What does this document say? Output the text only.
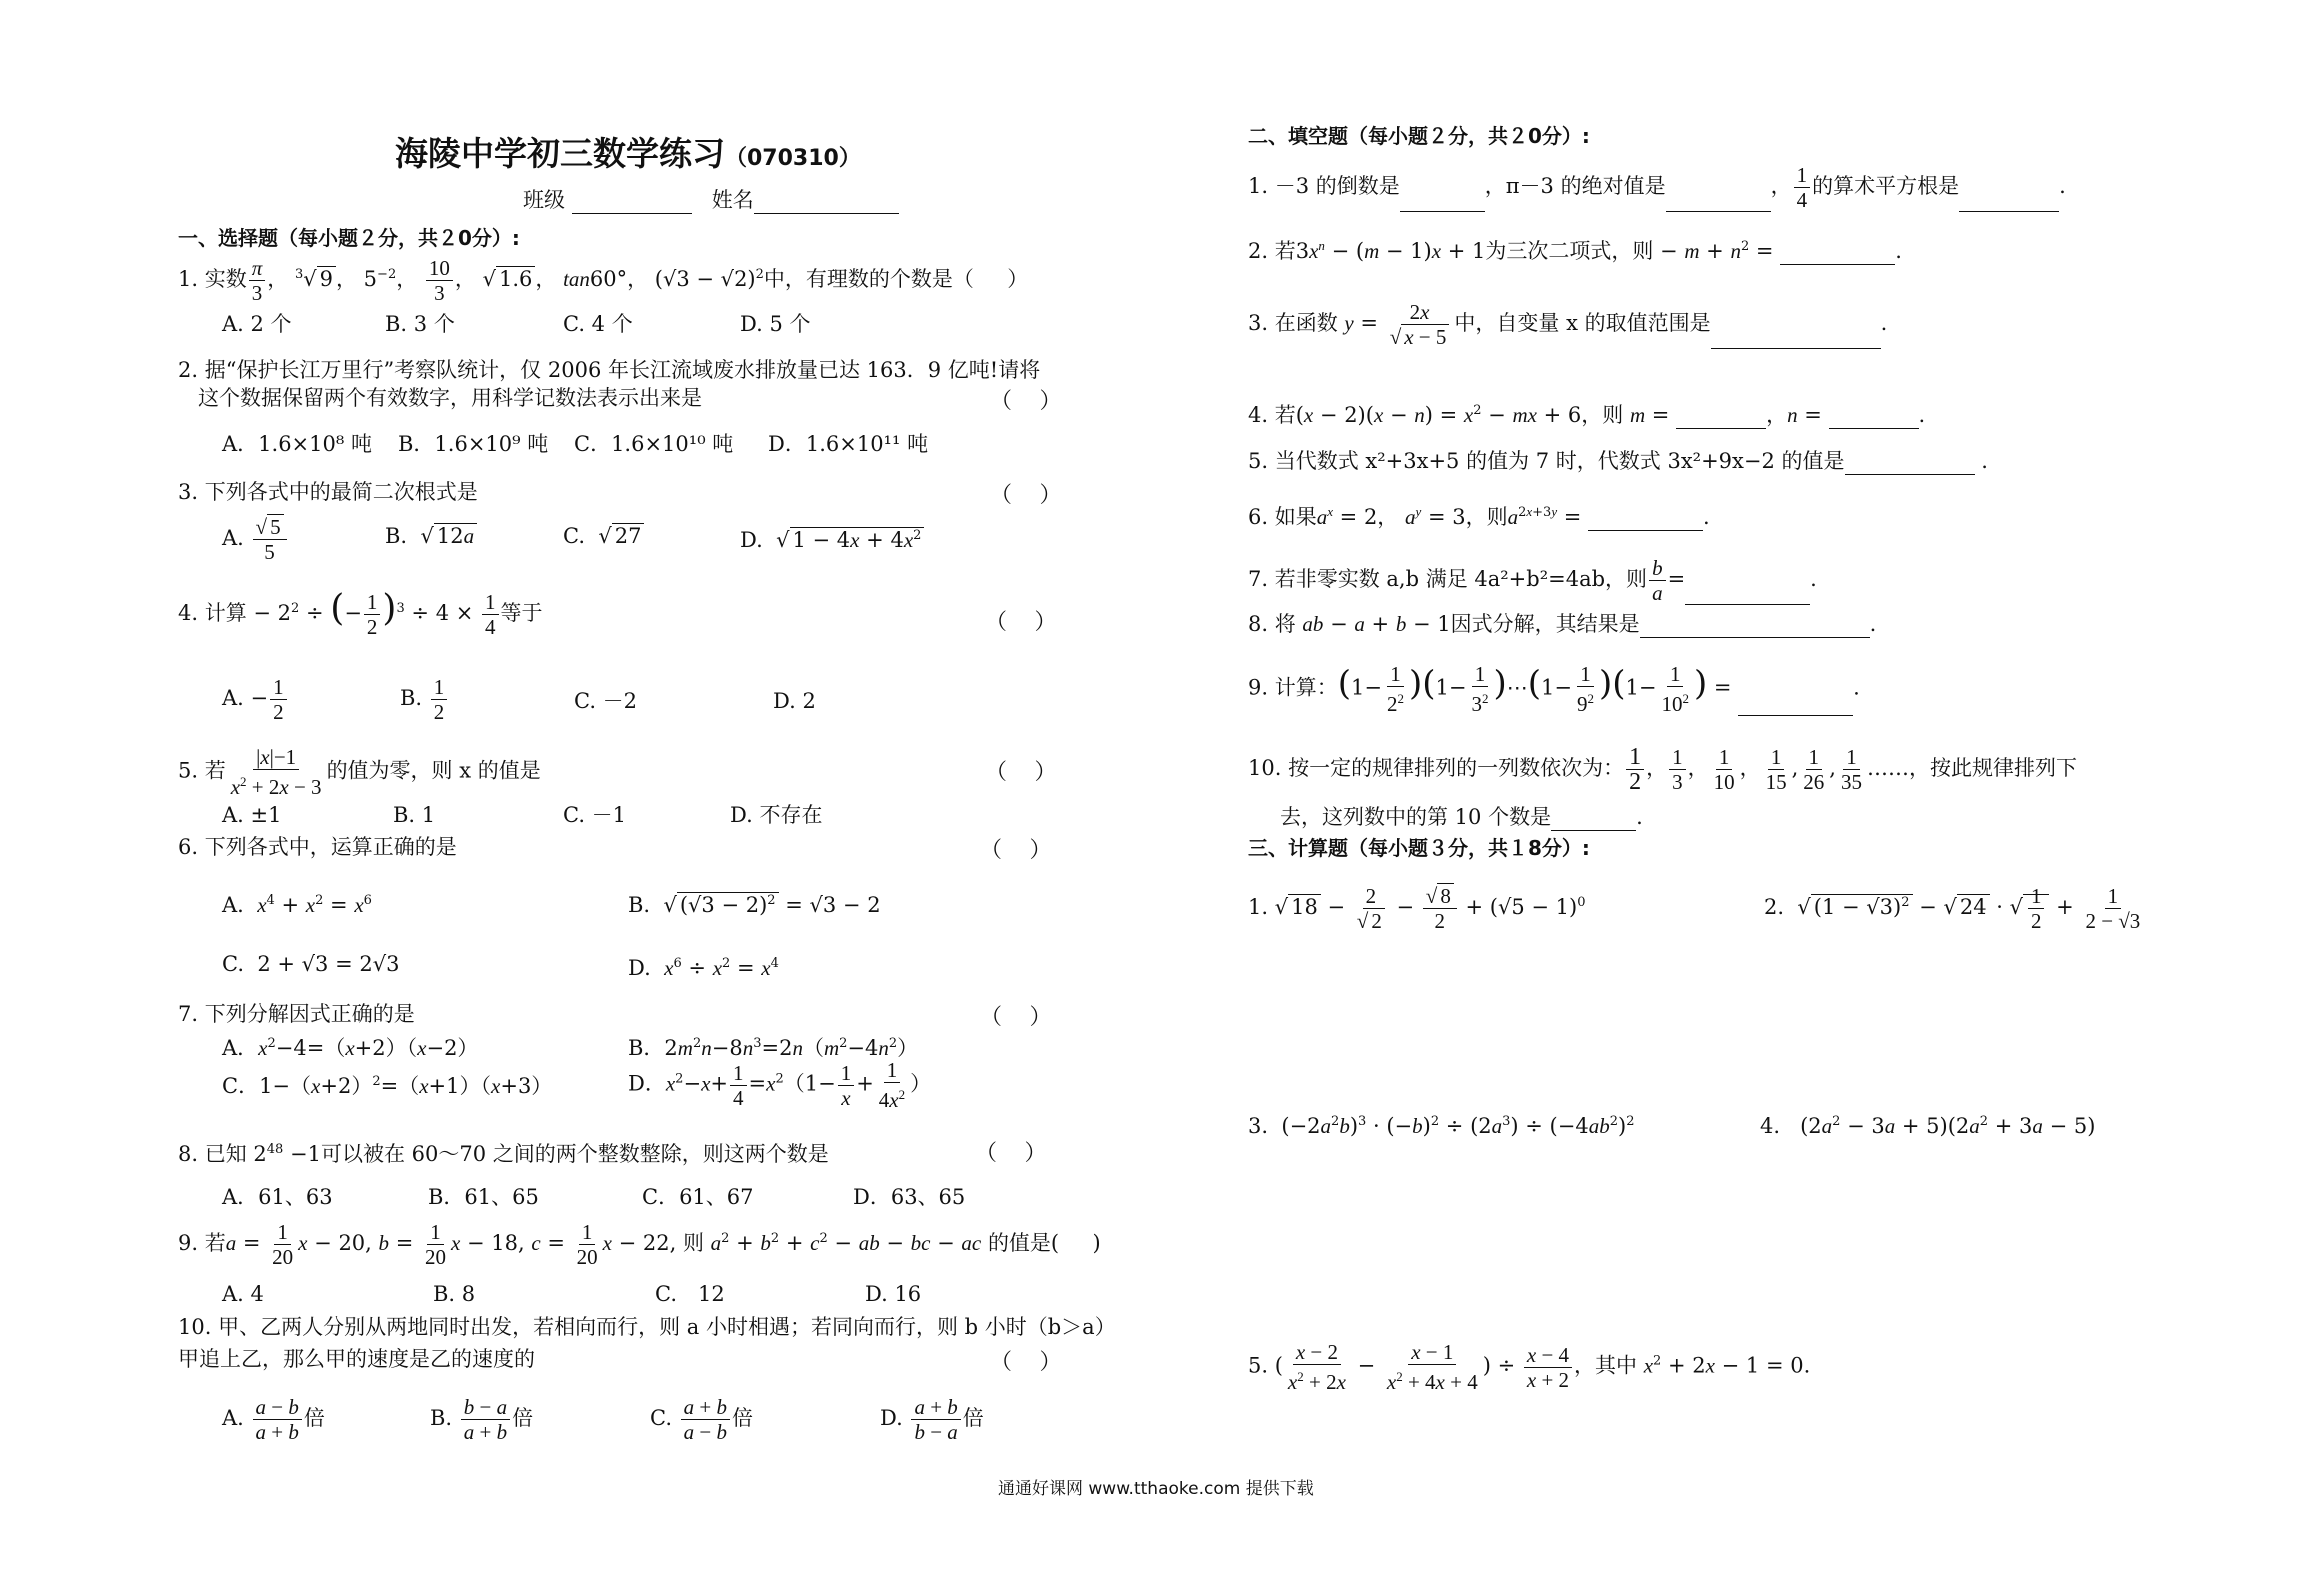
海陵中学初三数学练习（070310）
班级	姓名
一、选择题（每小题２分，共２0分）:
1. 实数 $\frac{\pi}{3}$ ， $^3$√ 9 ， $5^{-2}$， $\frac{10}{3}$ ， √ 1.6 ， tan60°， $(√3 - √2)^2$中，有理数的个数是（     ）
A. 2 个	B. 3 个	C. 4 个	D. 5 个
2. 据“保护长江万里行”考察队统计，仅 2006 年长江流域废水排放量已达 163．9 亿吨!请将
这个数据保留两个有效数字，用科学记数法表示出来是	（     ）
A．1.6×10⁸ 吨 B．1.6×10⁹ 吨 C．1.6×10¹⁰ 吨 D．1.6×10¹¹ 吨
3. 下列各式中的最简二次根式是	（     ）
A. $\frac{√ 5}{5}$	B.  √ 12a	C.  √ 27	D.  √ $1 - 4x + 4x^2$
4. 计算 − $2^2$ ÷ (− $\frac{1}{2} )^3 \div 4 \times \frac{1}{4}$ 等于	（     ）
A. − $\frac{1}{2}$	B. $\frac{1}{2}$	C. －2	D. 2
5. 若 $\frac{|x|-1}{x^2 + 2x - 3}$ 的值为零，则 x 的值是	（     ）
A. ±1	B. 1	C. －1	D. 不存在
6. 下列各式中，运算正确的是	（     ）
A.  $x^4 + x^2 = x^6$	B.  √ $(√3 - 2)^2 = √3 - 2$
C.  2 + √3 = 2√3	D.  $x^6 \div x^2 = x^4$
7. 下列分解因式正确的是	（     ）
A．$x^2-4=(x+2)(x-2)$	B．$2m^2n-8n^3=2n(m^2-4n^2)$
C．$1-(x+2)^2=(x+1)(x+3)$	D．$x^2-x+ \frac{1}{4} =x^2(1- \frac{1}{x} + \frac{1}{4x^2}$ ）
8. 已知 $2^{48} -1$可以被在 60～70 之间的两个整数整除，则这两个数是	（     ）
A．61、63	B．61、65	C．61、67	D．63、65
9. 若$a = \frac{1}{20}$ x − 20, $b = \frac{1}{20}$ x − 18, $c = \frac{1}{20}$ x − 22, 则 $a^2 + b^2 + c^2$ − ab − bc − ac 的值是(     )
A. 4	B. 8	C.　12	D. 16
10. 甲、乙两人分别从两地同时出发，若相向而行，则 a 小时相遇；若同向而行，则 b 小时（b＞a）
甲追上乙，那么甲的速度是乙的速度的	（     ）
A. $\frac{a - b}{a + b}$ 倍	B. $\frac{b - a}{a + b}$ 倍	C. $\frac{a + b}{a - b}$ 倍	D. $\frac{a + b}{b - a}$ 倍
二、填空题（每小题２分，共２0分）:
1. －3 的倒数是	，π－3 的绝对值是	， $\frac{1}{4}$ 的算术平方根是	.
2. 若$3x^n - (m - 1)x + 1$为三次二项式，则 − $m + n^2$ =	.
3. 在函数 $y = \frac{2x}{√ x - 5}$ 中，自变量 x 的取值范围是	.
4. 若$(x - 2)(x - n) = x^2$ − mx + 6，则 m =	，n =	.
5. 当代数式 x²+3x+5 的值为 7 时，代数式 3x²+9x−2 的值是	.
6. 如果$a^x = 2$， $a^y = 3$，则$a^{2x+3y}$ =	.
7. 若非零实数 a,b 满足 4a²+b²=4ab，则 $\frac{b}{a}$ =	.
8. 将 ab − a + b − 1因式分解，其结果是	.
9. 计算：$(1- \frac{1}{2^2} )(1- \frac{1}{3^2}$ )⋯(1− $\frac{1}{9^2} )(1- \frac{1}{10^2}$ ) =	.
10. 按一定的规律排列的一列数依次为： $\frac{1}{2}$ ， $\frac{1}{3}$ ， $\frac{1}{10}$ ， $\frac{1}{15}$ , $\frac{1}{26}$ , $\frac{1}{35}$ ……，按此规律排列下
去，这列数中的第 10 个数是	.
三、计算题（每小题３分，共１8分）:
1. √ $18 - \frac{2}{√ 2} - \frac{√ 8}{2} + (√5 - 1)^0$	2.  √ $(1 - √3)^2$ − √ 24 · √ $\frac{1}{2} + \frac{1}{2 - √3}$
3.  $(-2a^2b)^3 \cdot (-b)^2 \div (2a^3) \div (-4ab^2)^2$	4.   $(2a^2 - 3a + 5)(2a^2 + 3a - 5)$
5. ( $\frac{x - 2}{x^2 + 2x} - \frac{x - 1}{x^2 + 4x + 4}$ ) ÷ $\frac{x - 4}{x + 2}$ ，其中 $x^2 + 2x - 1 = 0$.
通通好课网 www.tthaoke.com 提供下载
